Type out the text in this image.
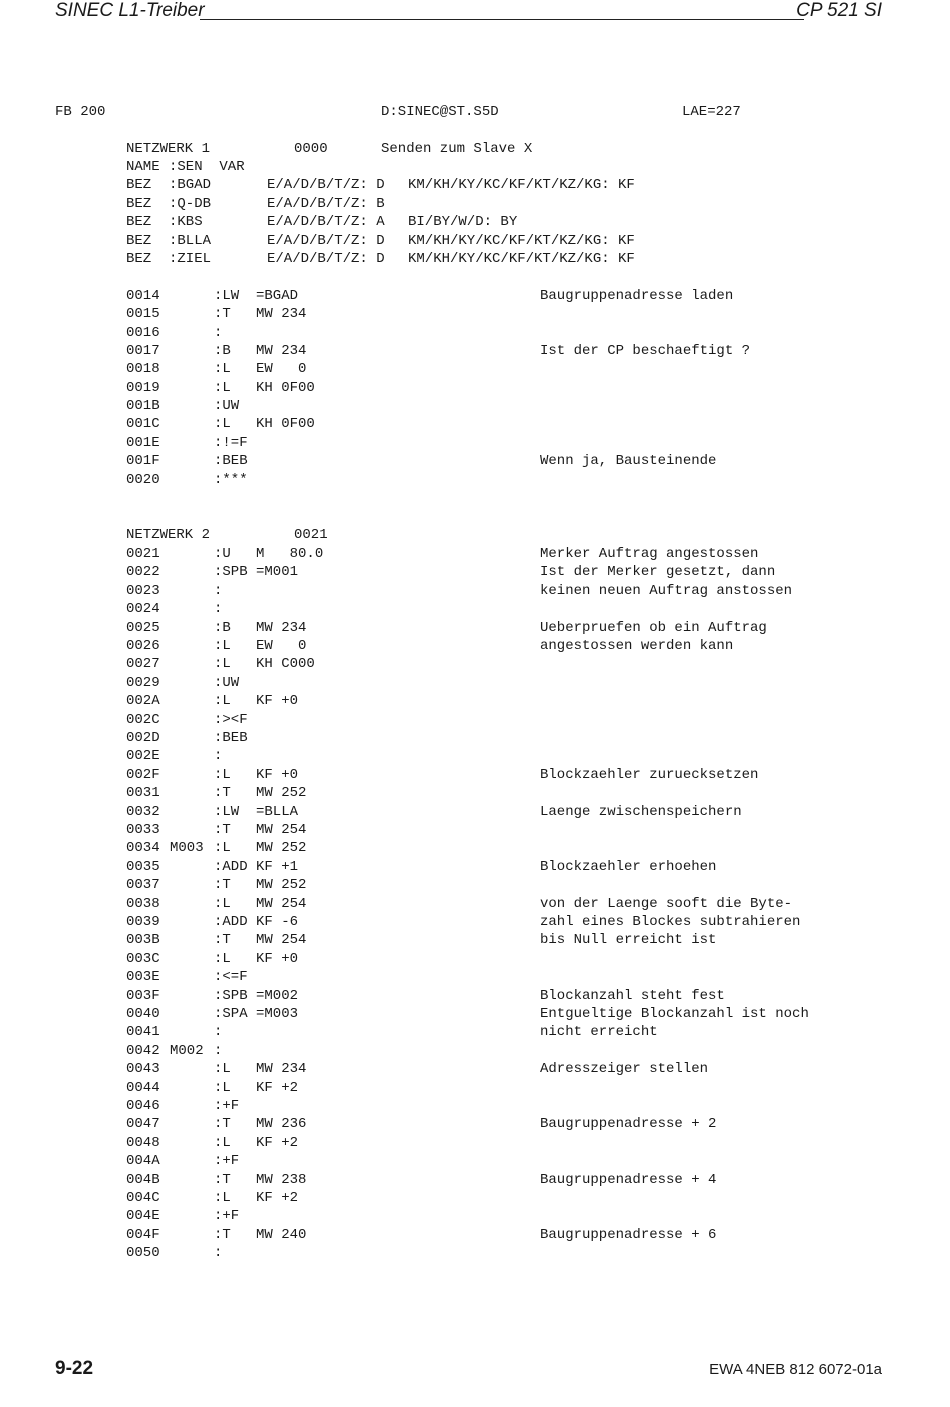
SINEC L1-Treiber	CP 521 SI
FB 200	D:SINEC@ST.S5D	LAE=227
NETZWERK 1	0000	Senden zum Slave X
NAME :SEN  VAR
BEZ :BGAD	E/A/D/B/T/Z: D KM/KH/KY/KC/KF/KT/KZ/KG: KF
BEZ :Q-DB	E/A/D/B/T/Z: B
BEZ :KBS	E/A/D/B/T/Z: A BI/BY/W/D: BY
BEZ :BLLA	E/A/D/B/T/Z: D KM/KH/KY/KC/KF/KT/KZ/KG: KF
BEZ :ZIEL	E/A/D/B/T/Z: D KM/KH/KY/KC/KF/KT/KZ/KG: KF
0014	:LW  =BGAD	Baugruppenadresse laden
0015	:T   MW 234
0016	:
0017	:B   MW 234	Ist der CP beschaeftigt ?
0018	:L   EW   0
0019	:L   KH 0F00
001B	:UW
001C	:L   KH 0F00
001E	:!=F
001F	:BEB	Wenn ja, Bausteinende
0020	:***
NETZWERK 2	0021
0021	:U   M   80.0	Merker Auftrag angestossen
0022	:SPB =M001	Ist der Merker gesetzt, dann
0023	:	keinen neuen Auftrag anstossen
0024	:
0025	:B   MW 234	Ueberpruefen ob ein Auftrag
0026	:L   EW   0	angestossen werden kann
0027	:L   KH C000
0029	:UW
002A	:L   KF +0
002C	:><F
002D	:BEB
002E	:
002F	:L   KF +0	Blockzaehler zuruecksetzen
0031	:T   MW 252
0032	:LW  =BLLA	Laenge zwischenspeichern
0033	:T   MW 254
0034 M003 :L   MW 252
0035	:ADD KF +1	Blockzaehler erhoehen
0037	:T   MW 252
0038	:L   MW 254	von der Laenge sooft die Byte-
0039	:ADD KF -6	zahl eines Blockes subtrahieren
003B	:T   MW 254	bis Null erreicht ist
003C	:L   KF +0
003E	:<=F
003F	:SPB =M002	Blockanzahl steht fest
0040	:SPA =M003	Entgueltige Blockanzahl ist noch
0041	:	nicht erreicht
0042 M002 :
0043	:L   MW 234	Adresszeiger stellen
0044	:L   KF +2
0046	:+F
0047	:T   MW 236	Baugruppenadresse + 2
0048	:L   KF +2
004A	:+F
004B	:T   MW 238	Baugruppenadresse + 4
004C	:L   KF +2
004E	:+F
004F	:T   MW 240	Baugruppenadresse + 6
0050	:
9-22	EWA 4NEB 812 6072-01a
